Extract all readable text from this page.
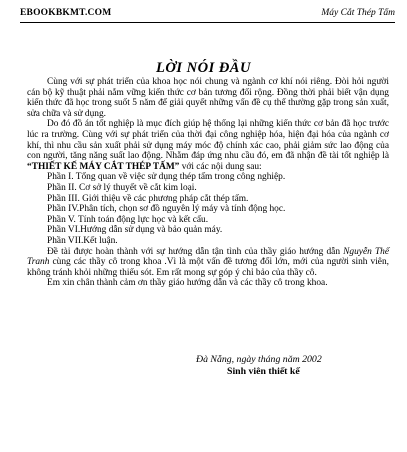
EBOOKBKMT.COM	Máy Cắt Thép Tấm
LỜI NÓI ĐẦU

Cùng với sự phát triển của khoa học nói chung và ngành cơ khí nói riêng. Đòi hỏi người cán bộ kỹ thuật phải nắm vững kiến thức cơ bản tương đối rộng. Đồng thời phải biết vận dụng kiến thức đã học trong suốt 5 năm để giải quyết những vấn đề cụ thể thường gặp trong sản xuất, sửa chữa và sử dụng.

Do đó đồ án tốt nghiệp là mục đích giúp hệ thống lại những kiến thức cơ bản đã học trước lúc ra trường. Cùng với sự phát triển của thời đại công nghiệp hóa, hiện đại hóa của ngành cơ khí, thì nhu cầu sản xuất phải sử dụng máy móc độ chính xác cao, phải giảm sức lao động của con người, tăng năng suất lao động. Nhằm đáp ứng nhu cầu đó, em đã nhận đề tài tốt nghiệp là “THIẾT KẾ MÁY CẮT THÉP TẤM” với các nội dung sau:

Phần I. Tổng quan về việc sử dụng thép tấm trong công nghiệp.

Phần II. Cơ sở lý thuyết về cắt kim loại.

Phần III. Giới thiệu về các phương pháp cắt thép tấm.

Phần IV.Phân tích, chọn sơ đồ nguyên lý máy và tính động học.

Phần V. Tính toán động lực học và kết cấu.

Phần VI.Hướng dẫn sử dụng và bảo quản máy.

Phần VII.Kết luận.

Đề tài được hoàn thành với sự hướng dẫn tận tình của thầy giáo hướng dẫn Nguyễn Thế Tranh cùng các thầy cô trong khoa .Vì là một vấn đề tương đối lớn, mới của người sinh viên, không tránh khỏi những thiếu sót. Em rất mong sự góp ý chỉ bảo của thầy cô.

Em xin chân thành cảm ơn thầy giáo hướng dẫn và các thầy cô trong khoa.

Đà Nẵng, ngày tháng năm 2002
Sinh viên thiết kế
